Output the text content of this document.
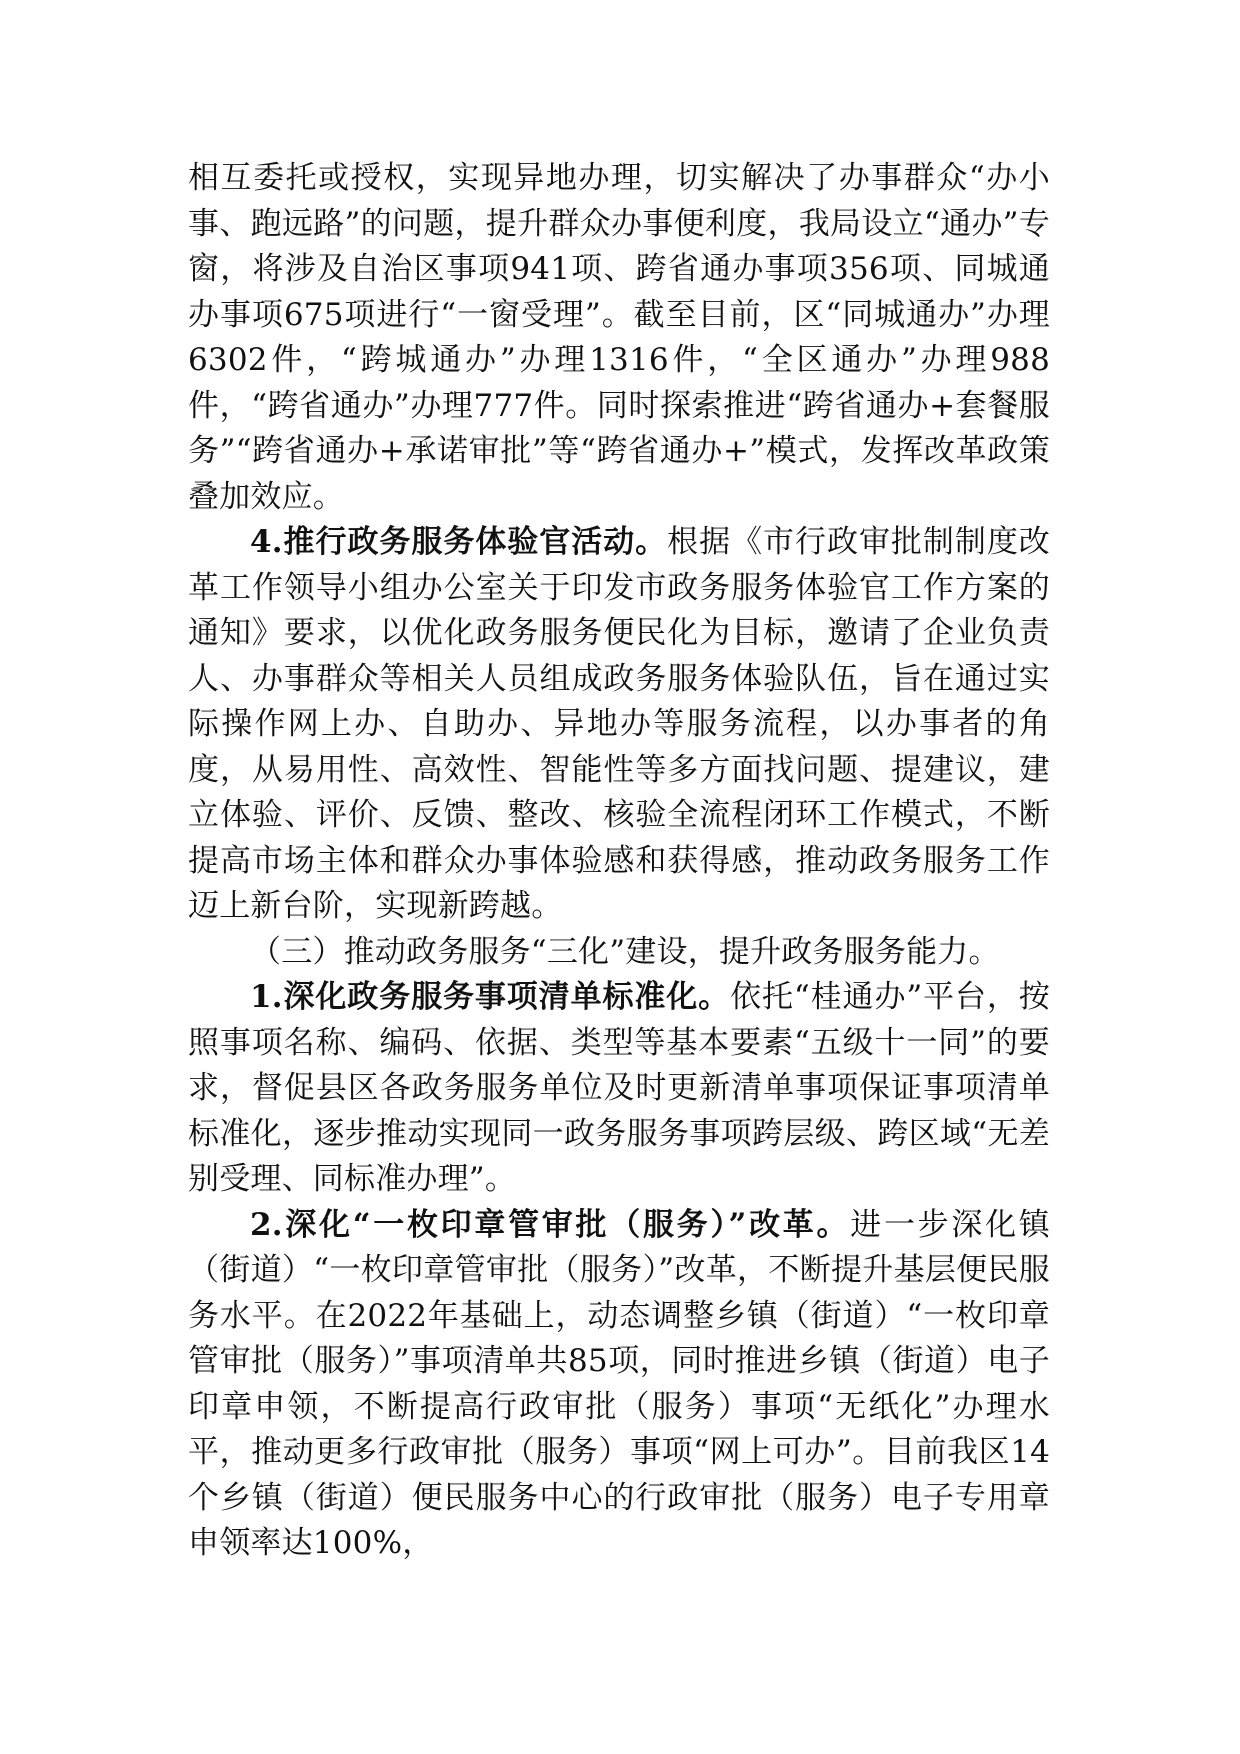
相互委托或授权，实现异地办理，切实解决了办事群众“办小事、跑远路”的问题，提升群众办事便利度，我局设立“通办”专窗，将涉及自治区事项941项、跨省通办事项356项、同城通办事项675项进行“一窗受理”。截至目前，区“同城通办”办理6302件，“跨城通办”办理1316件，“全区通办”办理988件，“跨省通办”办理777件。同时探索推进“跨省通办+套餐服务”“跨省通办+承诺审批”等“跨省通办+”模式，发挥改革政策叠加效应。

4.推行政务服务体验官活动。根据《市行政审批制制度改革工作领导小组办公室关于印发市政务服务体验官工作方案的通知》要求，以优化政务服务便民化为目标，邀请了企业负责人、办事群众等相关人员组成政务服务体验队伍，旨在通过实际操作网上办、自助办、异地办等服务流程，以办事者的角度，从易用性、高效性、智能性等多方面找问题、提建议，建立体验、评价、反馈、整改、核验全流程闭环工作模式，不断提高市场主体和群众办事体验感和获得感，推动政务服务工作迈上新台阶，实现新跨越。

（三）推动政务服务“三化”建设，提升政务服务能力。

1.深化政务服务事项清单标准化。依托“桂通办”平台，按照事项名称、编码、依据、类型等基本要素“五级十一同”的要求，督促县区各政务服务单位及时更新清单事项保证事项清单标准化，逐步推动实现同一政务服务事项跨层级、跨区域“无差别受理、同标准办理”。

2.深化“一枚印章管审批（服务）”改革。进一步深化镇（街道）“一枚印章管审批（服务）”改革，不断提升基层便民服务水平。在2022年基础上，动态调整乡镇（街道）“一枚印章管审批（服务）”事项清单共85项，同时推进乡镇（街道）电子印章申领，不断提高行政审批（服务）事项“无纸化”办理水平，推动更多行政审批（服务）事项“网上可办”。目前我区14个乡镇（街道）便民服务中心的行政审批（服务）电子专用章申领率达100%，
